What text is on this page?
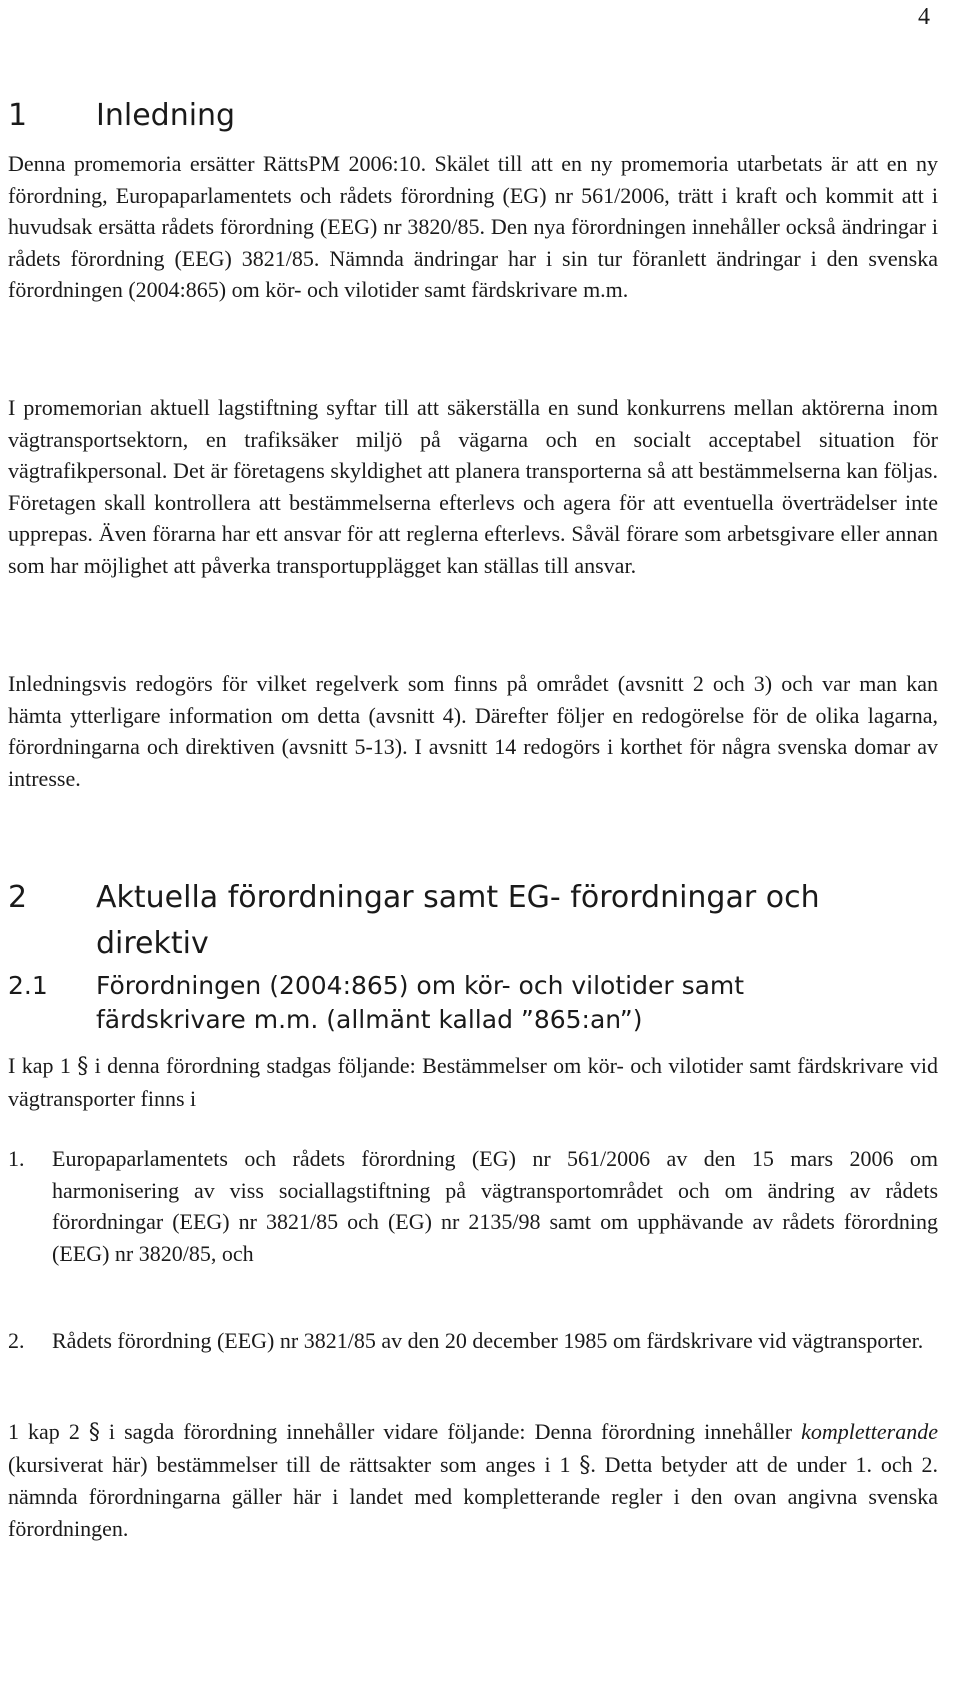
4
1 Inledning

Denna promemoria ersätter RättsPM 2006:10. Skälet till att en ny promemoria utarbetats är att en ny förordning, Europaparlamentets och rådets förordning (EG) nr 561/2006, trätt i kraft och kommit att i huvudsak ersätta rådets förordning (EEG) nr 3820/85. Den nya förordningen innehåller också ändringar i rådets förordning (EEG) 3821/85. Nämnda ändringar har i sin tur föranlett ändringar i den svenska förordningen (2004:865) om kör- och vilotider samt färdskrivare m.m.

I promemorian aktuell lagstiftning syftar till att säkerställa en sund konkurrens mellan aktörerna inom vägtransportsektorn, en trafiksäker miljö på vägarna och en socialt acceptabel situation för vägtrafikpersonal. Det är företagens skyldighet att planera transporterna så att bestämmelserna kan följas. Företagen skall kontrollera att bestämmelserna efterlevs och agera för att eventuella överträdelser inte upprepas. Även förarna har ett ansvar för att reglerna efterlevs. Såväl förare som arbetsgivare eller annan som har möjlighet att påverka transportupplägget kan ställas till ansvar.

Inledningsvis redogörs för vilket regelverk som finns på området (avsnitt 2 och 3) och var man kan hämta ytterligare information om detta (avsnitt 4). Därefter följer en redogörelse för de olika lagarna, förordningarna och direktiven (avsnitt 5-13). I avsnitt 14 redogörs i korthet för några svenska domar av intresse.

2 Aktuella förordningar samt EG- förordningar och direktiv
2.1 Förordningen (2004:865) om kör- och vilotider samt färdskrivare m.m. (allmänt kallad ”865:an”)

I kap 1 § i denna förordning stadgas följande: Bestämmelser om kör- och vilotider samt färdskrivare vid vägtransporter finns i

1. Europaparlamentets och rådets förordning (EG) nr 561/2006 av den 15 mars 2006 om harmonisering av viss sociallagstiftning på vägtransportområdet och om ändring av rådets förordningar (EEG) nr 3821/85 och (EG) nr 2135/98 samt om upphävande av rådets förordning (EEG) nr 3820/85, och
2. Rådets förordning (EEG) nr 3821/85 av den 20 december 1985 om färdskrivare vid vägtransporter.

1 kap 2 § i sagda förordning innehåller vidare följande: Denna förordning innehåller kompletterande (kursiverat här) bestämmelser till de rättsakter som anges i 1 §. Detta betyder att de under 1. och 2. nämnda förordningarna gäller här i landet med kompletterande regler i den ovan angivna svenska förordningen.
